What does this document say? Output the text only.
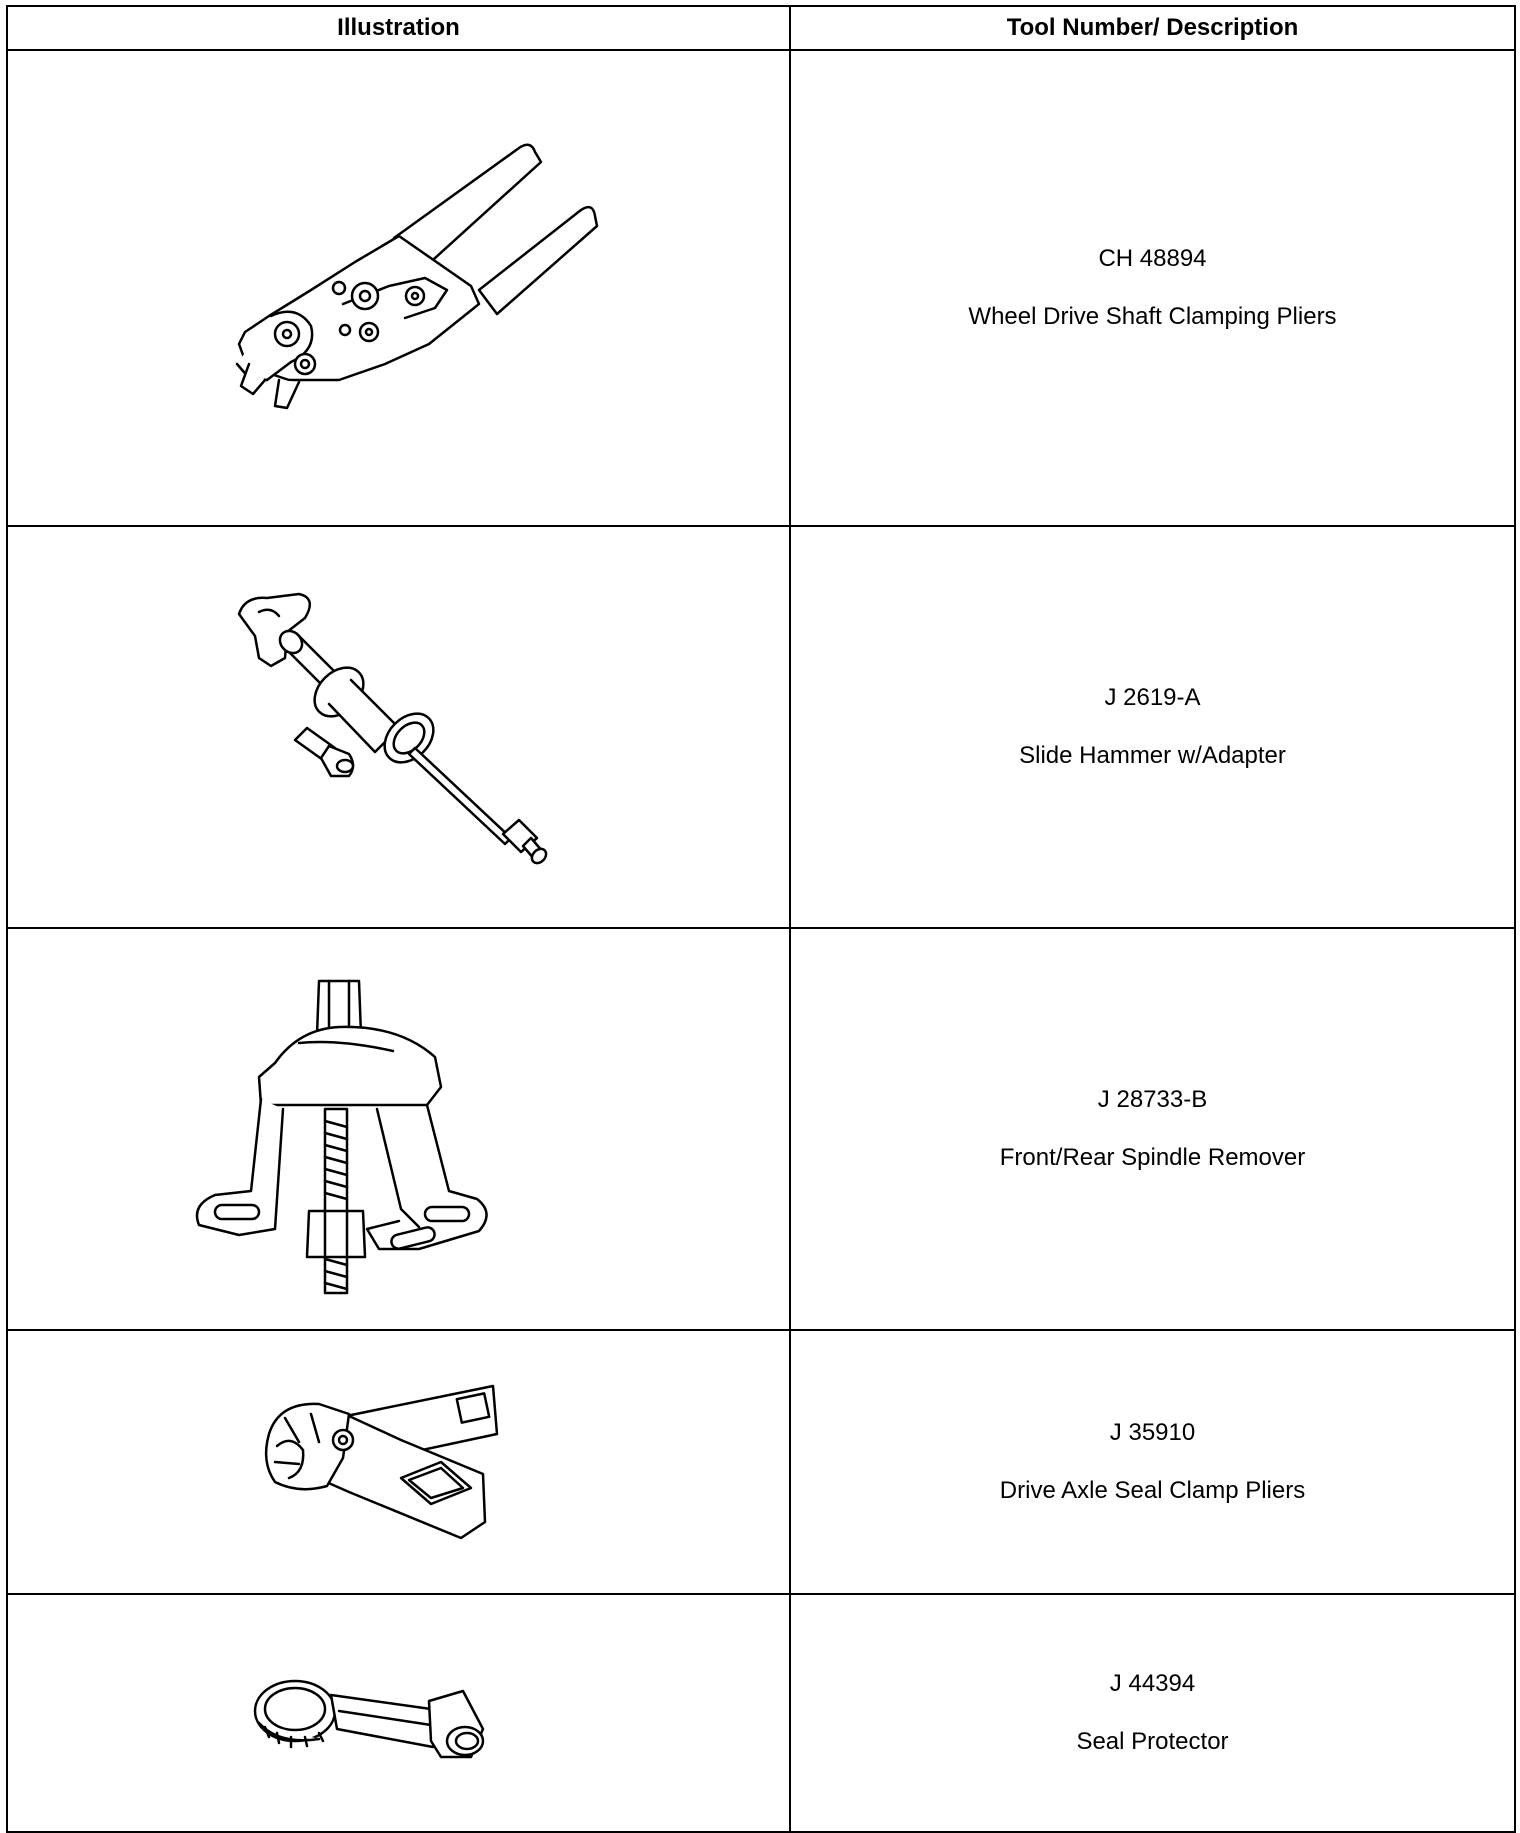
Illustration	Tool Number/ Description

CH 48894
Wheel Drive Shaft Clamping Pliers

J 2619-A
Slide Hammer w/Adapter

J 28733-B
Front/Rear Spindle Remover

J 35910
Drive Axle Seal Clamp Pliers

J 44394
Seal Protector
